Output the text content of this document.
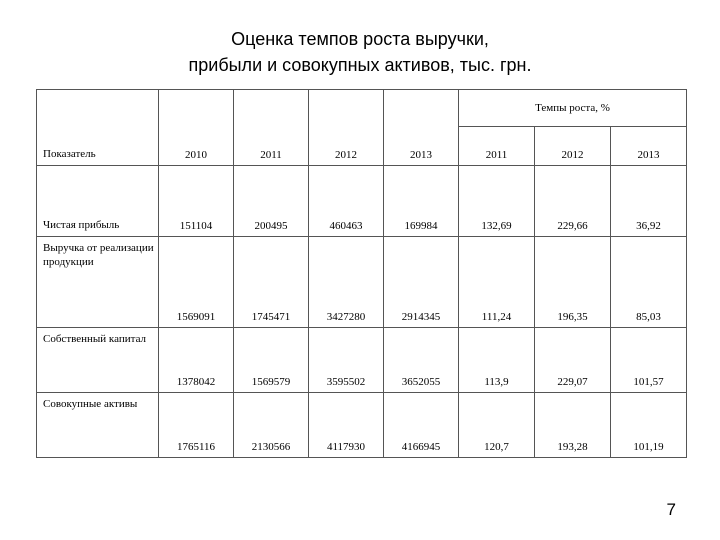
Оценка темпов роста выручки,
прибыли и совокупных активов, тыс. грн.
Показатель	2010	2011	2012	2013	Темпы роста, %		
					2011	2012	2013
Чистая прибыль	151104	200495	460463	169984	132,69	229,66	36,92
Выручка от реализации продукции	1569091	1745471	3427280	2914345	111,24	196,35	85,03
Собственный капитал	1378042	1569579	3595502	3652055	113,9	229,07	101,57
Совокупные активы	1765116	2130566	4117930	4166945	120,7	193,28	101,19
7
